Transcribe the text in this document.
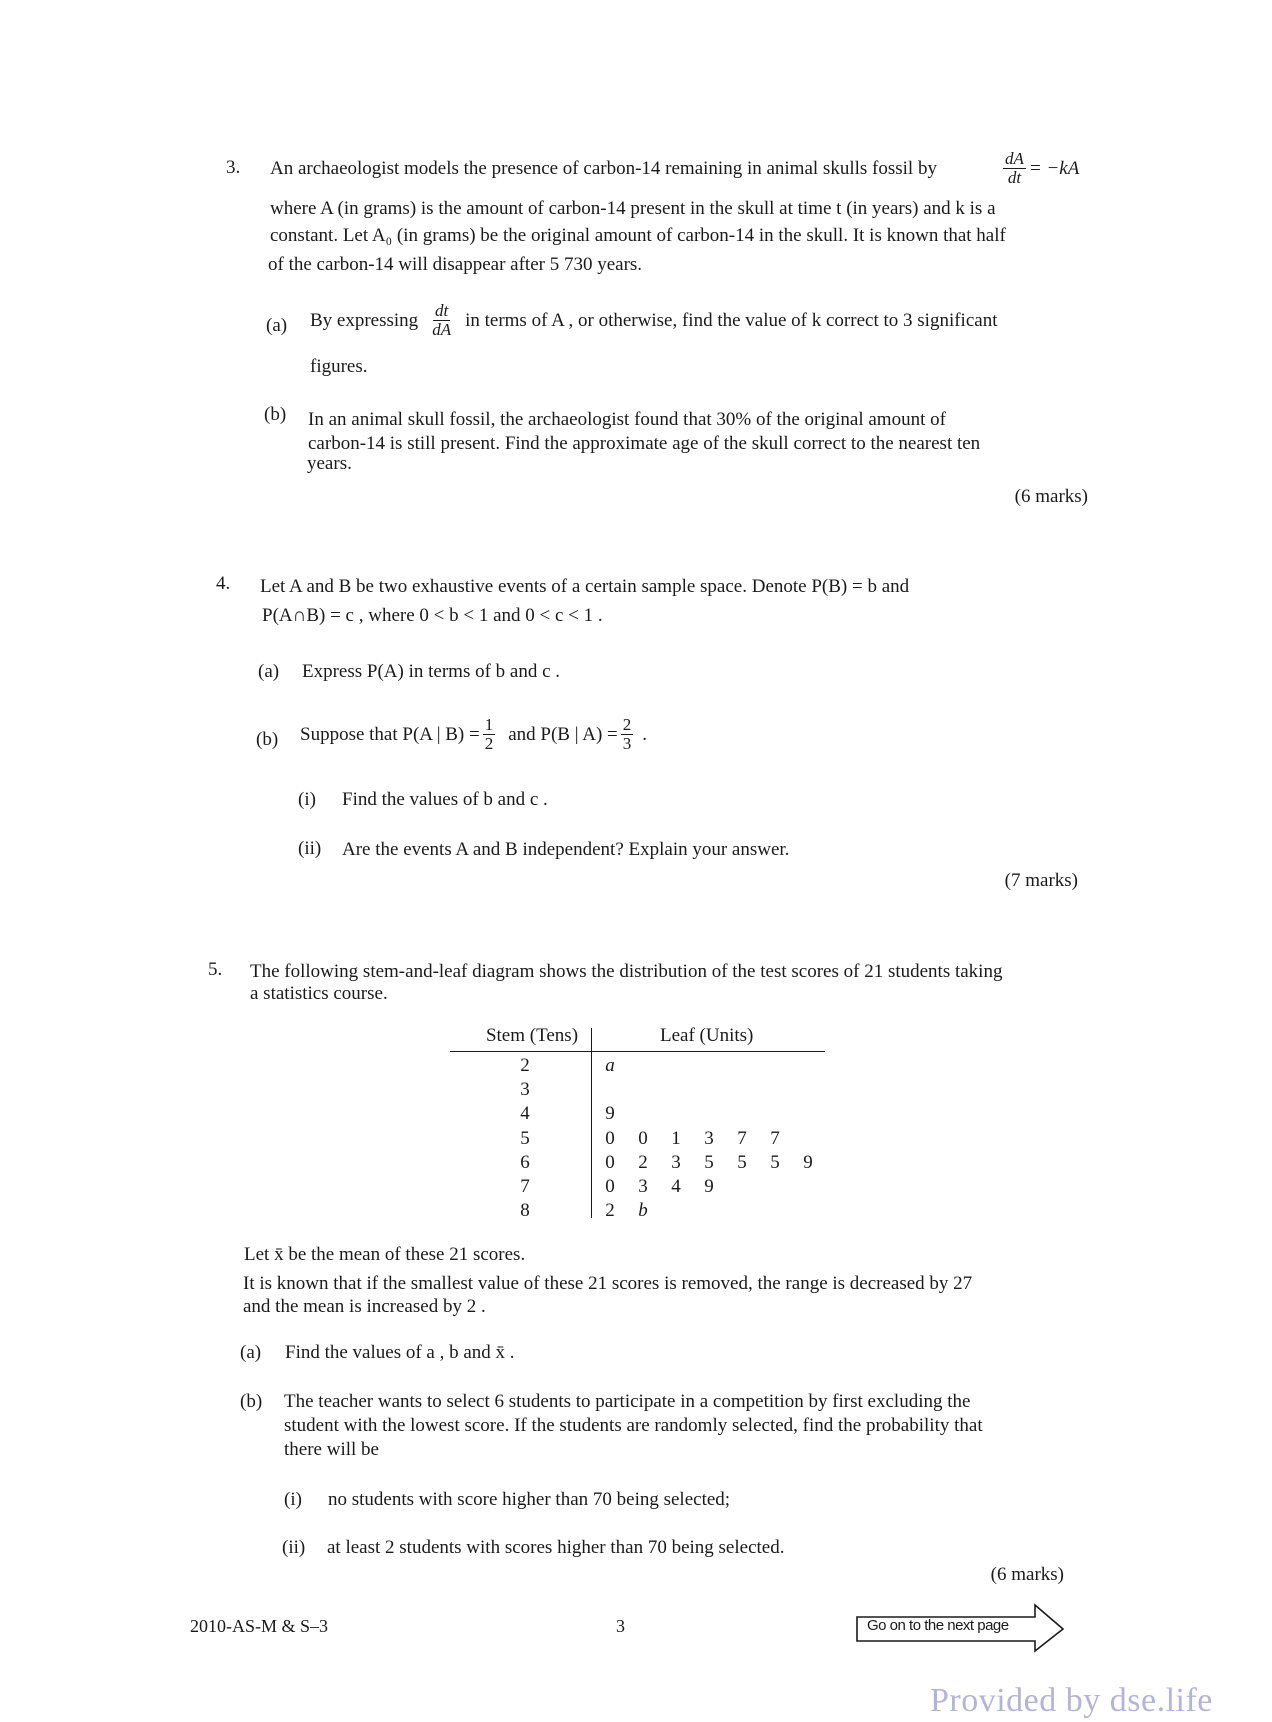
3. An archaeologist models the presence of carbon-14 remaining in animal skulls fossil by	$\frac{dA}{dt} = -kA$
where A (in grams) is the amount of carbon-14 present in the skull at time t (in years) and k is a
constant. Let A₀ (in grams) be the original amount of carbon-14 in the skull. It is known that half
of the carbon-14 will disappear after 5 730 years.
(a) By expressing $\frac{dt}{dA}$ in terms of A , or otherwise, find the value of k correct to 3 significant
figures.
(b) In an animal skull fossil, the archaeologist found that 30% of the original amount of
carbon-14 is still present. Find the approximate age of the skull correct to the nearest ten
years.
(6 marks)
4. Let A and B be two exhaustive events of a certain sample space. Denote P(B) = b and
P(A∩B) = c , where 0 < b < 1 and 0 < c < 1 .
(a) Express P(A) in terms of b and c .
(b) Suppose that P(A | $B) = \frac{1}{2}$ and P(B | $A) = \frac{2}{3}$ .
(i) Find the values of b and c .
(ii) Are the events A and B independent? Explain your answer.
(7 marks)
5. The following stem-and-leaf diagram shows the distribution of the test scores of 21 students taking
a statistics course.
Stem (Tens)	Leaf (Units)
2	a
3
4	9
5	0 0 1 3 7 7
6	0 2 3 5 5 5 9
7	0 3 4 9
8	2 b
Let x̄ be the mean of these 21 scores.
It is known that if the smallest value of these 21 scores is removed, the range is decreased by 27
and the mean is increased by 2 .
(a) Find the values of a , b and x̄ .
(b) The teacher wants to select 6 students to participate in a competition by first excluding the
student with the lowest score. If the students are randomly selected, find the probability that
there will be
(i) no students with score higher than 70 being selected;
(ii) at least 2 students with scores higher than 70 being selected.
(6 marks)
2010-AS-M & S–3	3	Go on to the next page
Provided by dse.life
